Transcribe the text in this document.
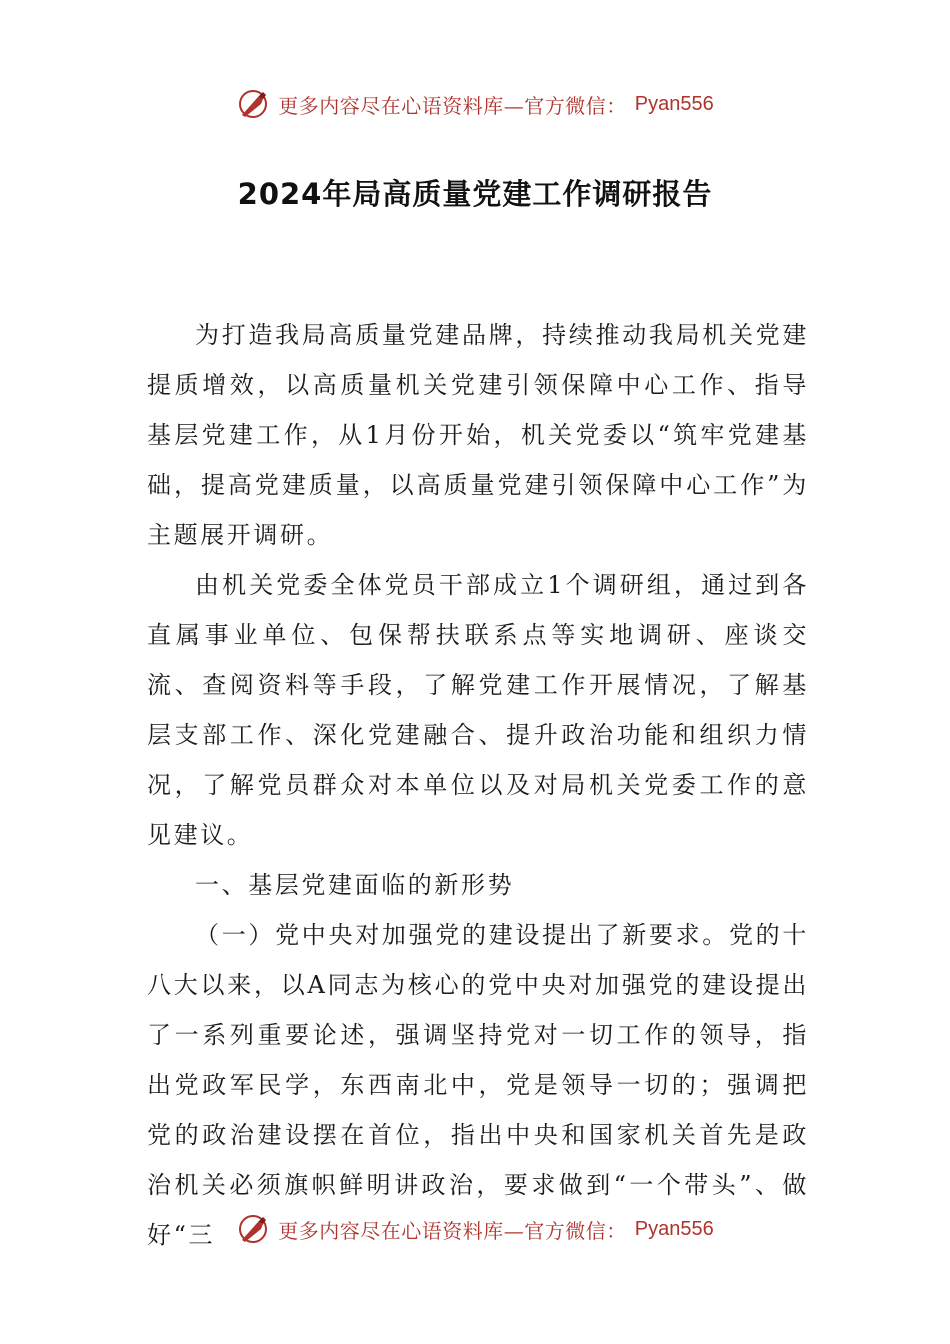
更多内容尽在心语资料库—官方微信： Pyan556
2024年局高质量党建工作调研报告

为打造我局高质量党建品牌，持续推动我局机关党建提质增效，以高质量机关党建引领保障中心工作、指导基层党建工作，从1月份开始，机关党委以“筑牢党建基础，提高党建质量，以高质量党建引领保障中心工作”为主题展开调研。

由机关党委全体党员干部成立1个调研组，通过到各直属事业单位、包保帮扶联系点等实地调研、座谈交流、查阅资料等手段，了解党建工作开展情况，了解基层支部工作、深化党建融合、提升政治功能和组织力情况，了解党员群众对本单位以及对局机关党委工作的意见建议。

一、基层党建面临的新形势

（一）党中央对加强党的建设提出了新要求。党的十八大以来，以A同志为核心的党中央对加强党的建设提出了一系列重要论述，强调坚持党对一切工作的领导，指出党政军民学，东西南北中，党是领导一切的；强调把党的政治建设摆在首位，指出中央和国家机关首先是政治机关必须旗帜鲜明讲政治，要求做到“一个带头”、做好“三	更多内容尽在心语资料库—官方微信： Pyan556
